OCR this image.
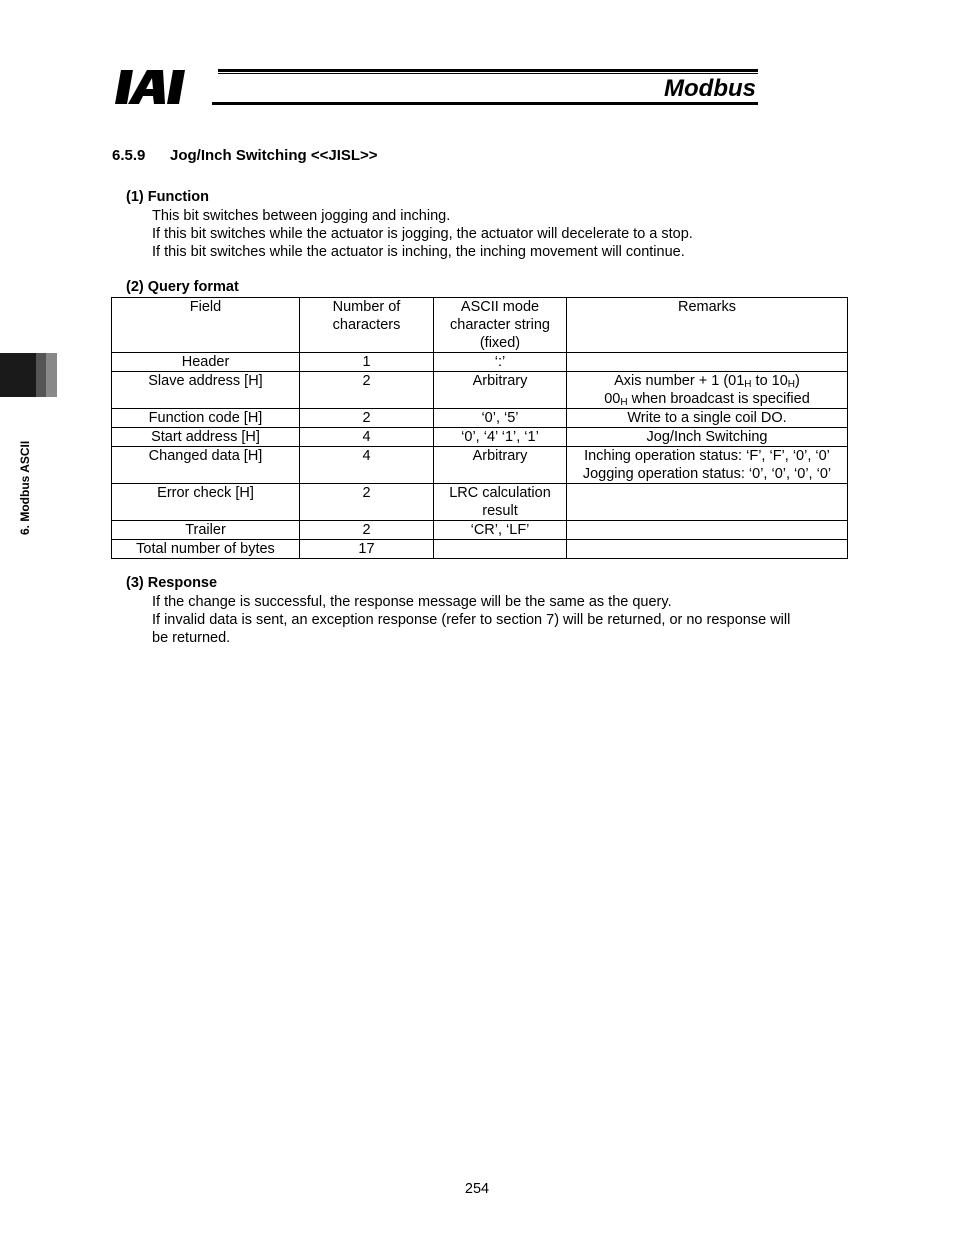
Modbus
6. Modbus ASCII
6.5.9 Jog/Inch Switching <<JISL>>
(1) Function
This bit switches between jogging and inching.
If this bit switches while the actuator is jogging, the actuator will decelerate to a stop.
If this bit switches while the actuator is inching, the inching movement will continue.
(2) Query format
Field	Number of characters	ASCII mode character string (fixed)	Remarks
Header	1	‘:’	
Slave address [H]	2	Arbitrary	Axis number + 1 ($01_H$ to $10_H$)
$00_H$ when broadcast is specified

Function code [H]	2	‘0’, ‘5’	Write to a single coil DO.
Start address [H]	4	‘0’, ‘4’ ‘1’, ‘1’	Jog/Inch Switching
Changed data [H]	4	Arbitrary	Inching operation status: ‘F’, ‘F’, ‘0’, ‘0’
Jogging operation status: ‘0’, ‘0’, ‘0’, ‘0’

Error check [H]	2	LRC calculation
result	

Trailer	2	‘CR’, ‘LF’	
Total number of bytes	17		
(3) Response
If the change is successful, the response message will be the same as the query.
If invalid data is sent, an exception response (refer to section 7) will be returned, or no response will
be returned.
254
